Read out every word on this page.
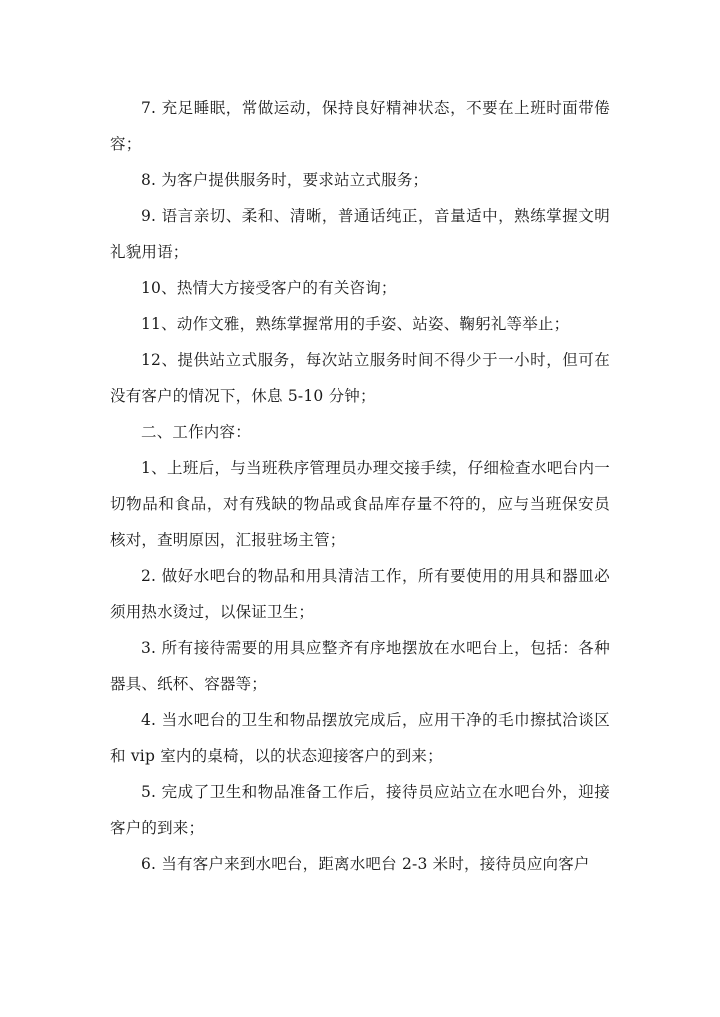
7. 充足睡眠，常做运动，保持良好精神状态，不要在上班时面带倦容；

8. 为客户提供服务时，要求站立式服务；

9. 语言亲切、柔和、清晰，普通话纯正，音量适中，熟练掌握文明礼貌用语；

10、热情大方接受客户的有关咨询；

11、动作文雅，熟练掌握常用的手姿、站姿、鞠躬礼等举止；

12、提供站立式服务，每次站立服务时间不得少于一小时，但可在没有客户的情况下，休息 5-10 分钟；

二、工作内容：

1、上班后，与当班秩序管理员办理交接手续，仔细检查水吧台内一切物品和食品，对有残缺的物品或食品库存量不符的，应与当班保安员核对，查明原因，汇报驻场主管；

2. 做好水吧台的物品和用具清洁工作，所有要使用的用具和器皿必须用热水烫过，以保证卫生；

3. 所有接待需要的用具应整齐有序地摆放在水吧台上，包括：各种器具、纸杯、容器等；

4. 当水吧台的卫生和物品摆放完成后，应用干净的毛巾擦拭洽谈区和 vip 室内的桌椅，以的状态迎接客户的到来；

5. 完成了卫生和物品准备工作后，接待员应站立在水吧台外，迎接客户的到来；

6. 当有客户来到水吧台，距离水吧台 2-3 米时，接待员应向客户
